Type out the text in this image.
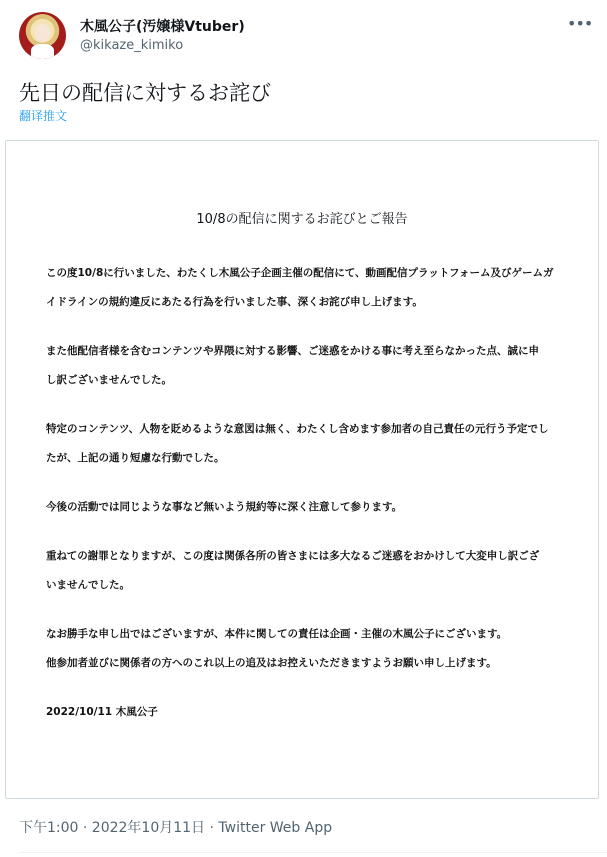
木風公子(汚嬢様Vtuber)
@kikaze_kimiko
•••
先日の配信に対するお詫び
翻译推文
10/8の配信に関するお詫びとご報告
この度10/8に行いました、わたくし木風公子企画主催の配信にて、動画配信プラットフォーム及びゲームガ
イドラインの規約違反にあたる行為を行いました事、深くお詫び申し上げます。
また他配信者様を含むコンテンツや界隈に対する影響、ご迷惑をかける事に考え至らなかった点、誠に申
し訳ございませんでした。
特定のコンテンツ、人物を貶めるような意図は無く、わたくし含めます参加者の自己責任の元行う予定でし
たが、上記の通り短慮な行動でした。
今後の活動では同じような事など無いよう規約等に深く注意して参ります。
重ねての謝罪となりますが、この度は関係各所の皆さまには多大なるご迷惑をおかけして大変申し訳ござ
いませんでした。
なお勝手な申し出ではございますが、本件に関しての責任は企画・主催の木風公子にございます。
他参加者並びに関係者の方へのこれ以上の追及はお控えいただきますようお願い申し上げます。
2022/10/11 木風公子
下午1:00 · 2022年10月11日 · Twitter Web App
